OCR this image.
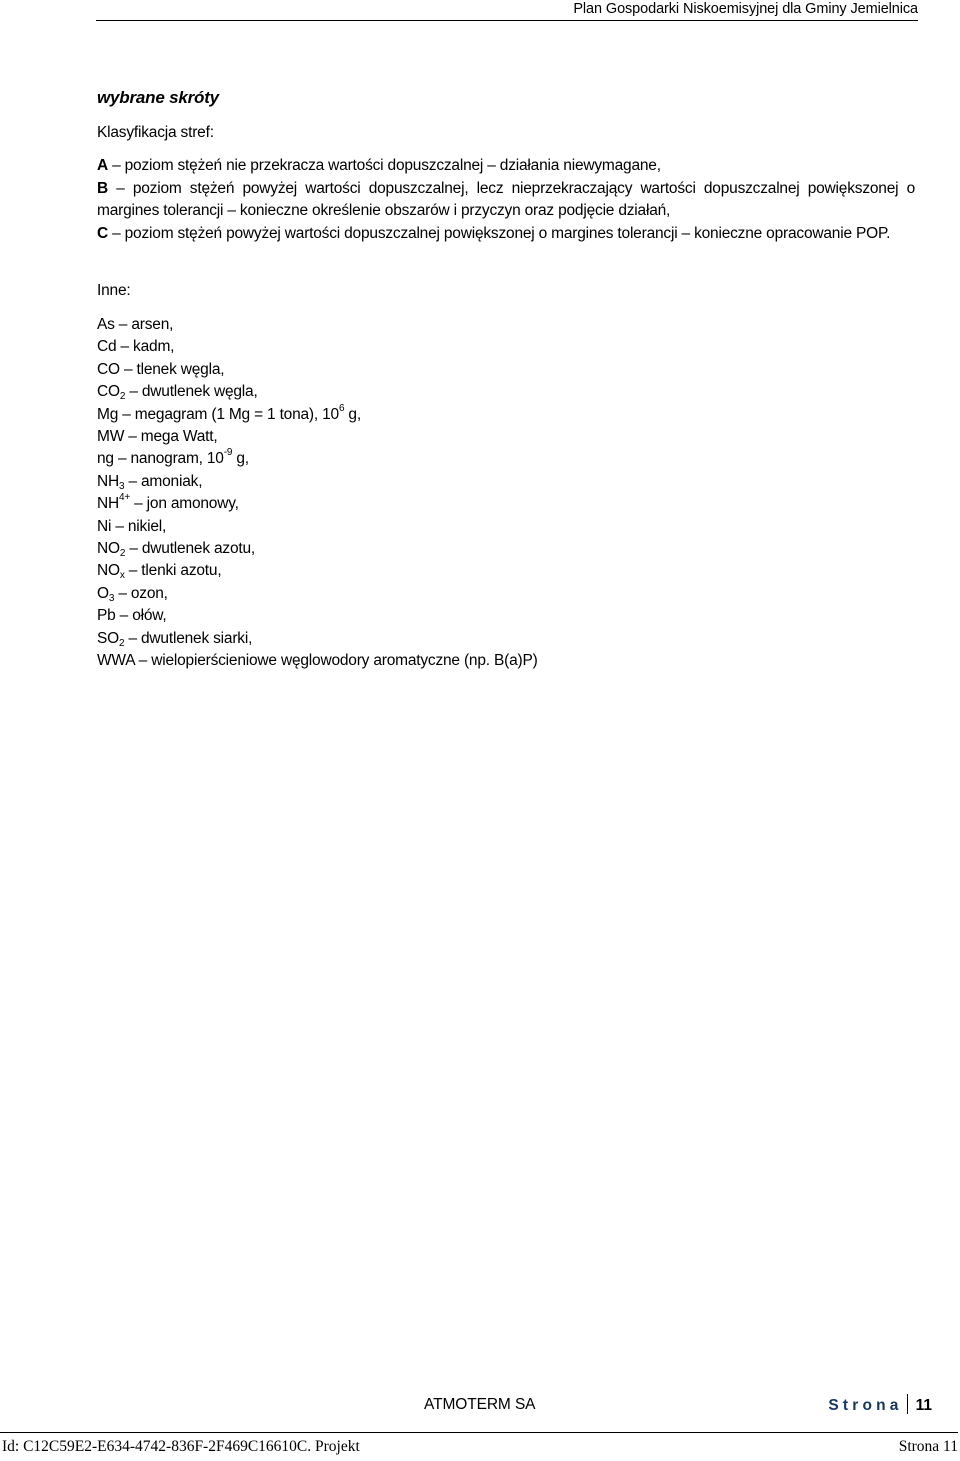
Plan Gospodarki Niskoemisyjnej dla Gminy Jemielnica
wybrane skróty
Klasyfikacja stref:

A – poziom stężeń nie przekracza wartości dopuszczalnej – działania niewymagane,

B – poziom stężeń powyżej wartości dopuszczalnej, lecz nieprzekraczający wartości dopuszczalnej powiększonej o margines tolerancji – konieczne określenie obszarów i przyczyn oraz podjęcie działań,

C – poziom stężeń powyżej wartości dopuszczalnej powiększonej o margines tolerancji – konieczne opracowanie POP.

Inne:
As – arsen,
Cd – kadm,
CO – tlenek węgla,
$CO_2$ – dwutlenek węgla,
Mg – megagram (1 Mg = 1 tona), $10^6$ g,
MW – mega Watt,
ng – nanogram, $10^{-9}$ g,
$NH_3$ – amoniak,
$NH^{4+}$ – jon amonowy,
Ni – nikiel,
$NO_2$ – dwutlenek azotu,
$NO_x$ – tlenki azotu,
$O_3$ – ozon,
Pb – ołów,
$SO_2$ – dwutlenek siarki,
WWA – wielopierścieniowe węglowodory aromatyczne (np. B(a)P)
ATMOTERM SA	Strona 11
Id: C12C59E2-E634-4742-836F-2F469C16610C. Projekt	Strona 11
